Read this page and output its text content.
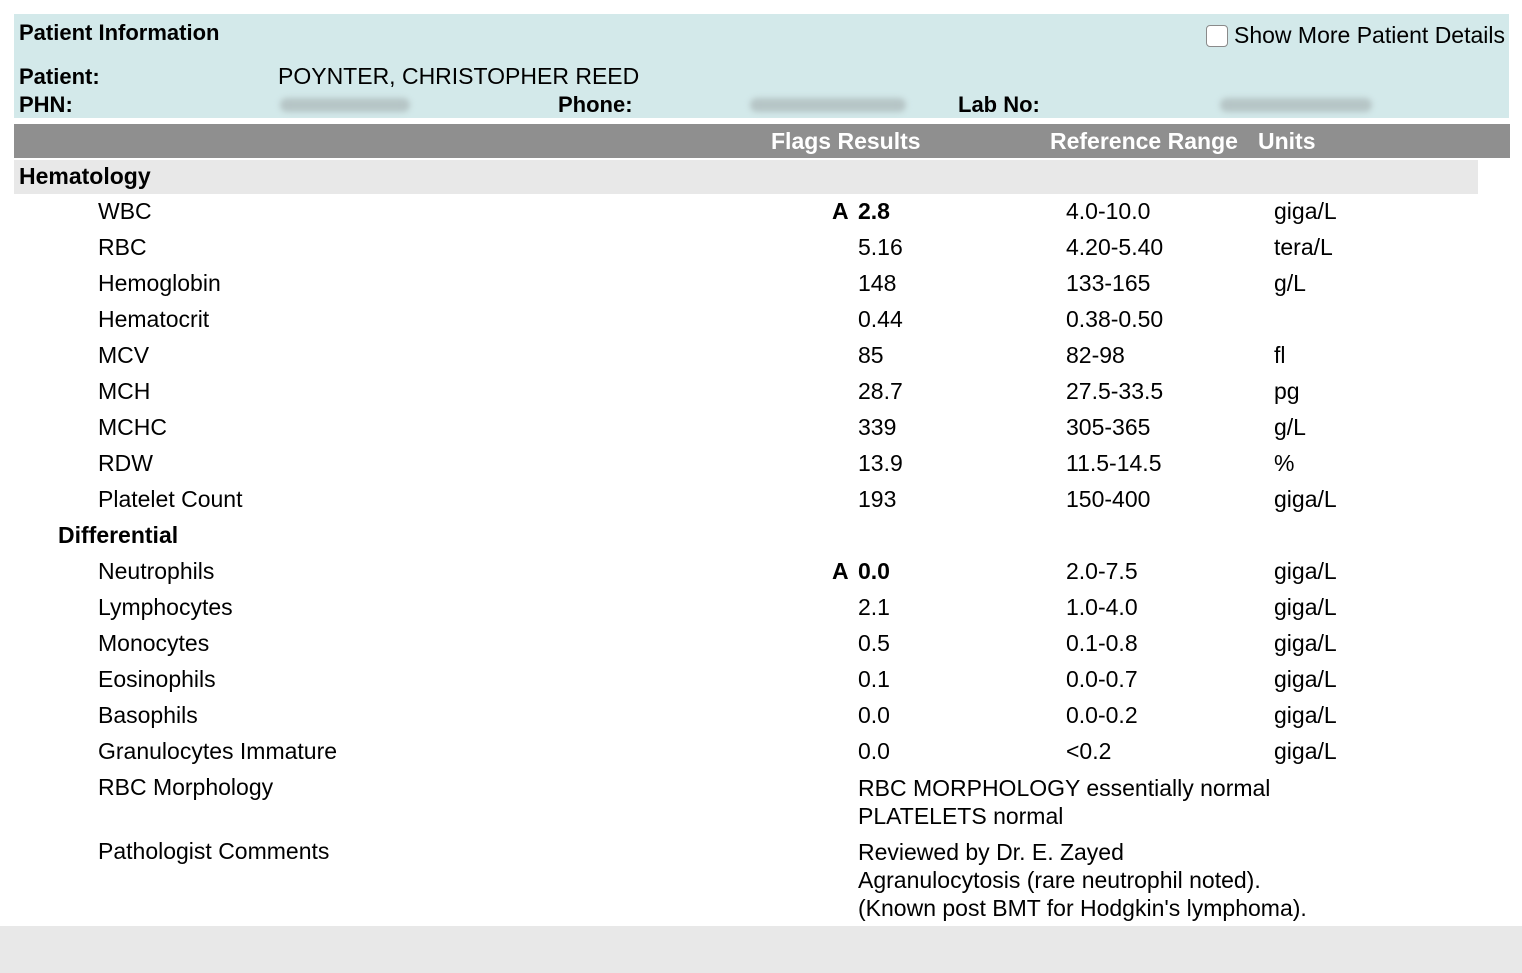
Patient Information	Show More Patient Details
Patient:	POYNTER, CHRISTOPHER REED
PHN:	Phone:	Lab No:
Flags Results	Reference Range Units
Hematology
WBC	A 2.8	4.0-10.0	giga/L
RBC	5.16	4.20-5.40	tera/L
Hemoglobin	148	133-165	g/L
Hematocrit	0.44	0.38-0.50
MCV	85	82-98	fl
MCH	28.7	27.5-33.5	pg
MCHC	339	305-365	g/L
RDW	13.9	11.5-14.5	%
Platelet Count	193	150-400	giga/L
Differential
Neutrophils	A 0.0	2.0-7.5	giga/L
Lymphocytes	2.1	1.0-4.0	giga/L
Monocytes	0.5	0.1-0.8	giga/L
Eosinophils	0.1	0.0-0.7	giga/L
Basophils	0.0	0.0-0.2	giga/L
Granulocytes Immature	0.0	<0.2	giga/L
RBC Morphology	RBC MORPHOLOGY essentially normal
PLATELETS normal
Pathologist Comments	Reviewed by Dr. E. Zayed
Agranulocytosis (rare neutrophil noted).
(Known post BMT for Hodgkin's lymphoma).
